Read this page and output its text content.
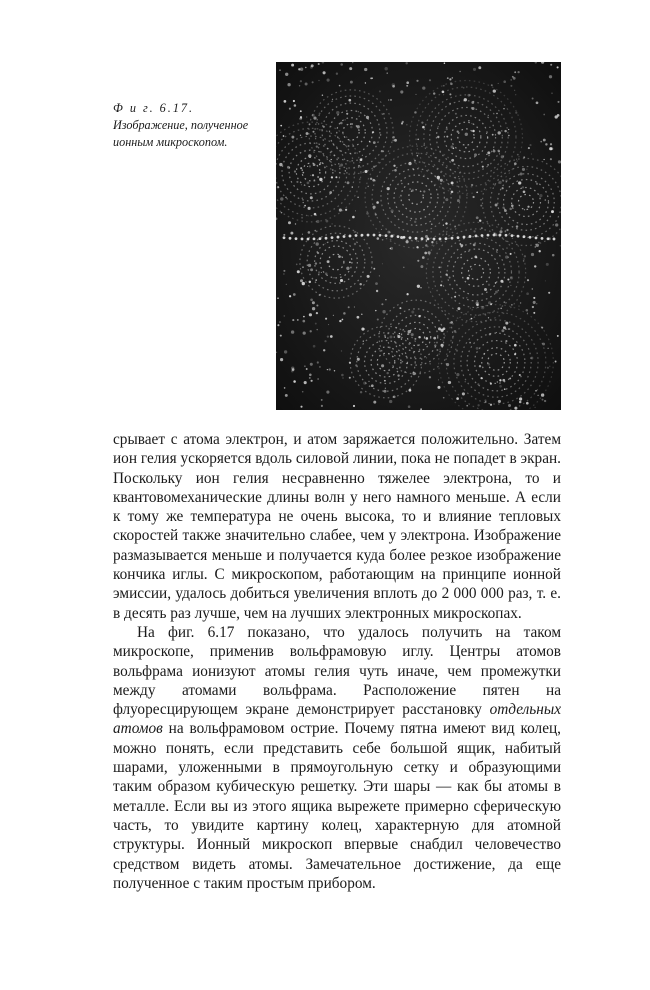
Ф и г. 6.17. Изображение, полученное ионным микроскопом.

срывает с атома электрон, и атом заряжается положительно. Затем ион гелия ускоряется вдоль силовой линии, пока не попадет в экран. Поскольку ион гелия несравненно тяжелее электрона, то и квантовомеханические длины волн у него намного меньше. А если к тому же температура не очень высока, то и влияние тепловых скоростей также значительно слабее, чем у электрона. Изображение размазывается меньше и получается куда более резкое изображение кончика иглы. С микроскопом, работающим на принципе ионной эмиссии, удалось добиться увеличения вплоть до 2 000 000 раз, т. е. в десять раз лучше, чем на лучших электронных микроскопах.

На фиг. 6.17 показано, что удалось получить на таком микроскопе, применив вольфрамовую иглу. Центры атомов вольфрама ионизуют атомы гелия чуть иначе, чем промежутки между атомами вольфрама. Расположение пятен на флуоресцирующем экране демонстрирует расстановку отдельных атомов на вольфрамовом острие. Почему пятна имеют вид колец, можно понять, если представить себе большой ящик, набитый шарами, уложенными в прямоугольную сетку и образующими таким образом кубическую решетку. Эти шары — как бы атомы в металле. Если вы из этого ящика вырежете примерно сферическую часть, то увидите картину колец, характерную для атомной структуры. Ионный микроскоп впервые снабдил человечество средством видеть атомы. Замечательное достижение, да еще полученное с таким простым прибором.
